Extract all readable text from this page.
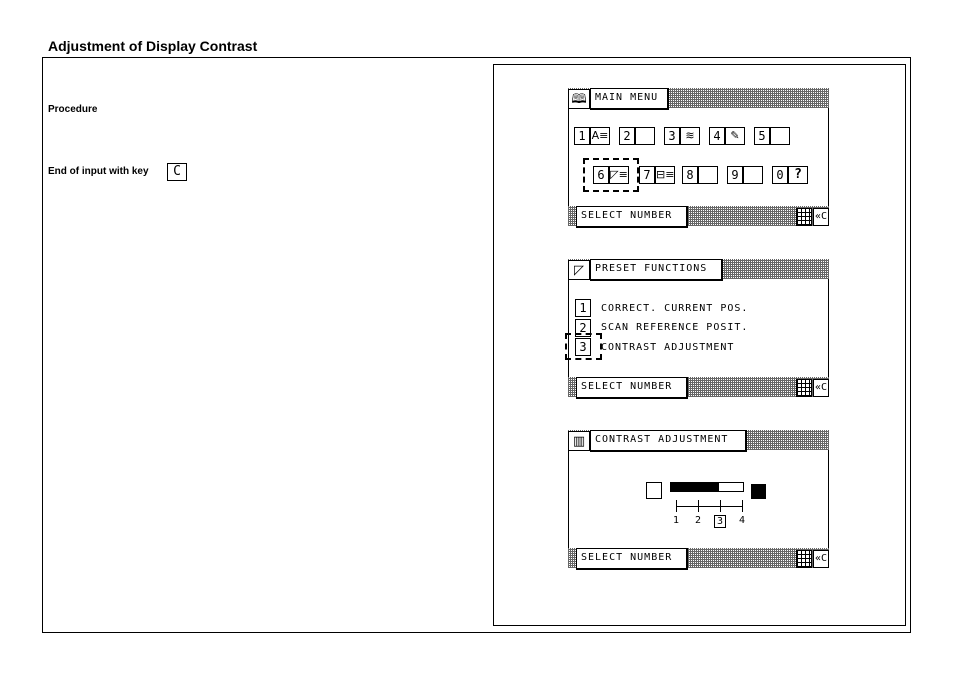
Adjustment of Display Contrast
Procedure
End of input with key	C
🕮 MAIN MENU
1 A≡	2	3 ≋	4 ✎	5
6 ◸≡	7 ⊟≡ 8	9	0 ?
SELECT NUMBER	«C
◸	PRESET FUNCTIONS
1	CORRECT. CURRENT POS.
2	SCAN REFERENCE POSIT.
3	CONTRAST ADJUSTMENT
SELECT NUMBER	«C
▥ CONTRAST ADJUSTMENT
1 2 3 4
SELECT NUMBER	«C
